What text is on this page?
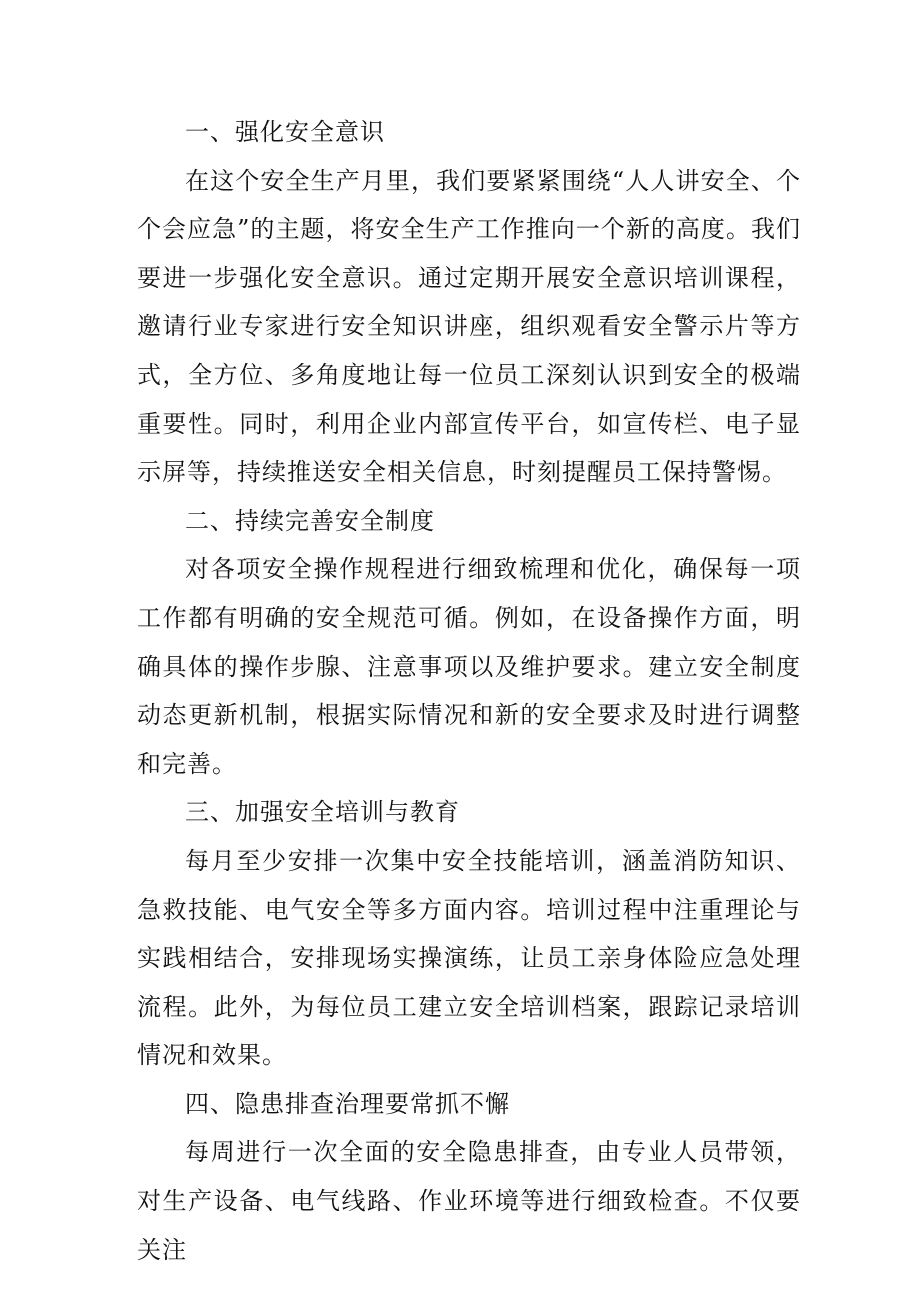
一、强化安全意识

在这个安全生产月里，我们要紧紧围绕“人人讲安全、个个会应急”的主题，将安全生产工作推向一个新的高度。我们要进一步强化安全意识。通过定期开展安全意识培训课程，邀请行业专家进行安全知识讲座，组织观看安全警示片等方式，全方位、多角度地让每一位员工深刻认识到安全的极端重要性。同时，利用企业内部宣传平台，如宣传栏、电子显示屏等，持续推送安全相关信息，时刻提醒员工保持警惕。

二、持续完善安全制度

对各项安全操作规程进行细致梳理和优化，确保每一项工作都有明确的安全规范可循。例如，在设备操作方面，明确具体的操作步腺、注意事项以及维护要求。建立安全制度动态更新机制，根据实际情况和新的安全要求及时进行调整和完善。

三、加强安全培训与教育

每月至少安排一次集中安全技能培训，涵盖消防知识、急救技能、电气安全等多方面内容。培训过程中注重理论与实践相结合，安排现场实操演练，让员工亲身体险应急处理流程。此外，为每位员工建立安全培训档案，跟踪记录培训情况和效果。

四、隐患排查治理要常抓不懈

每周进行一次全面的安全隐患排查，由专业人员带领，对生产设备、电气线路、作业环境等进行细致检查。不仅要关注
